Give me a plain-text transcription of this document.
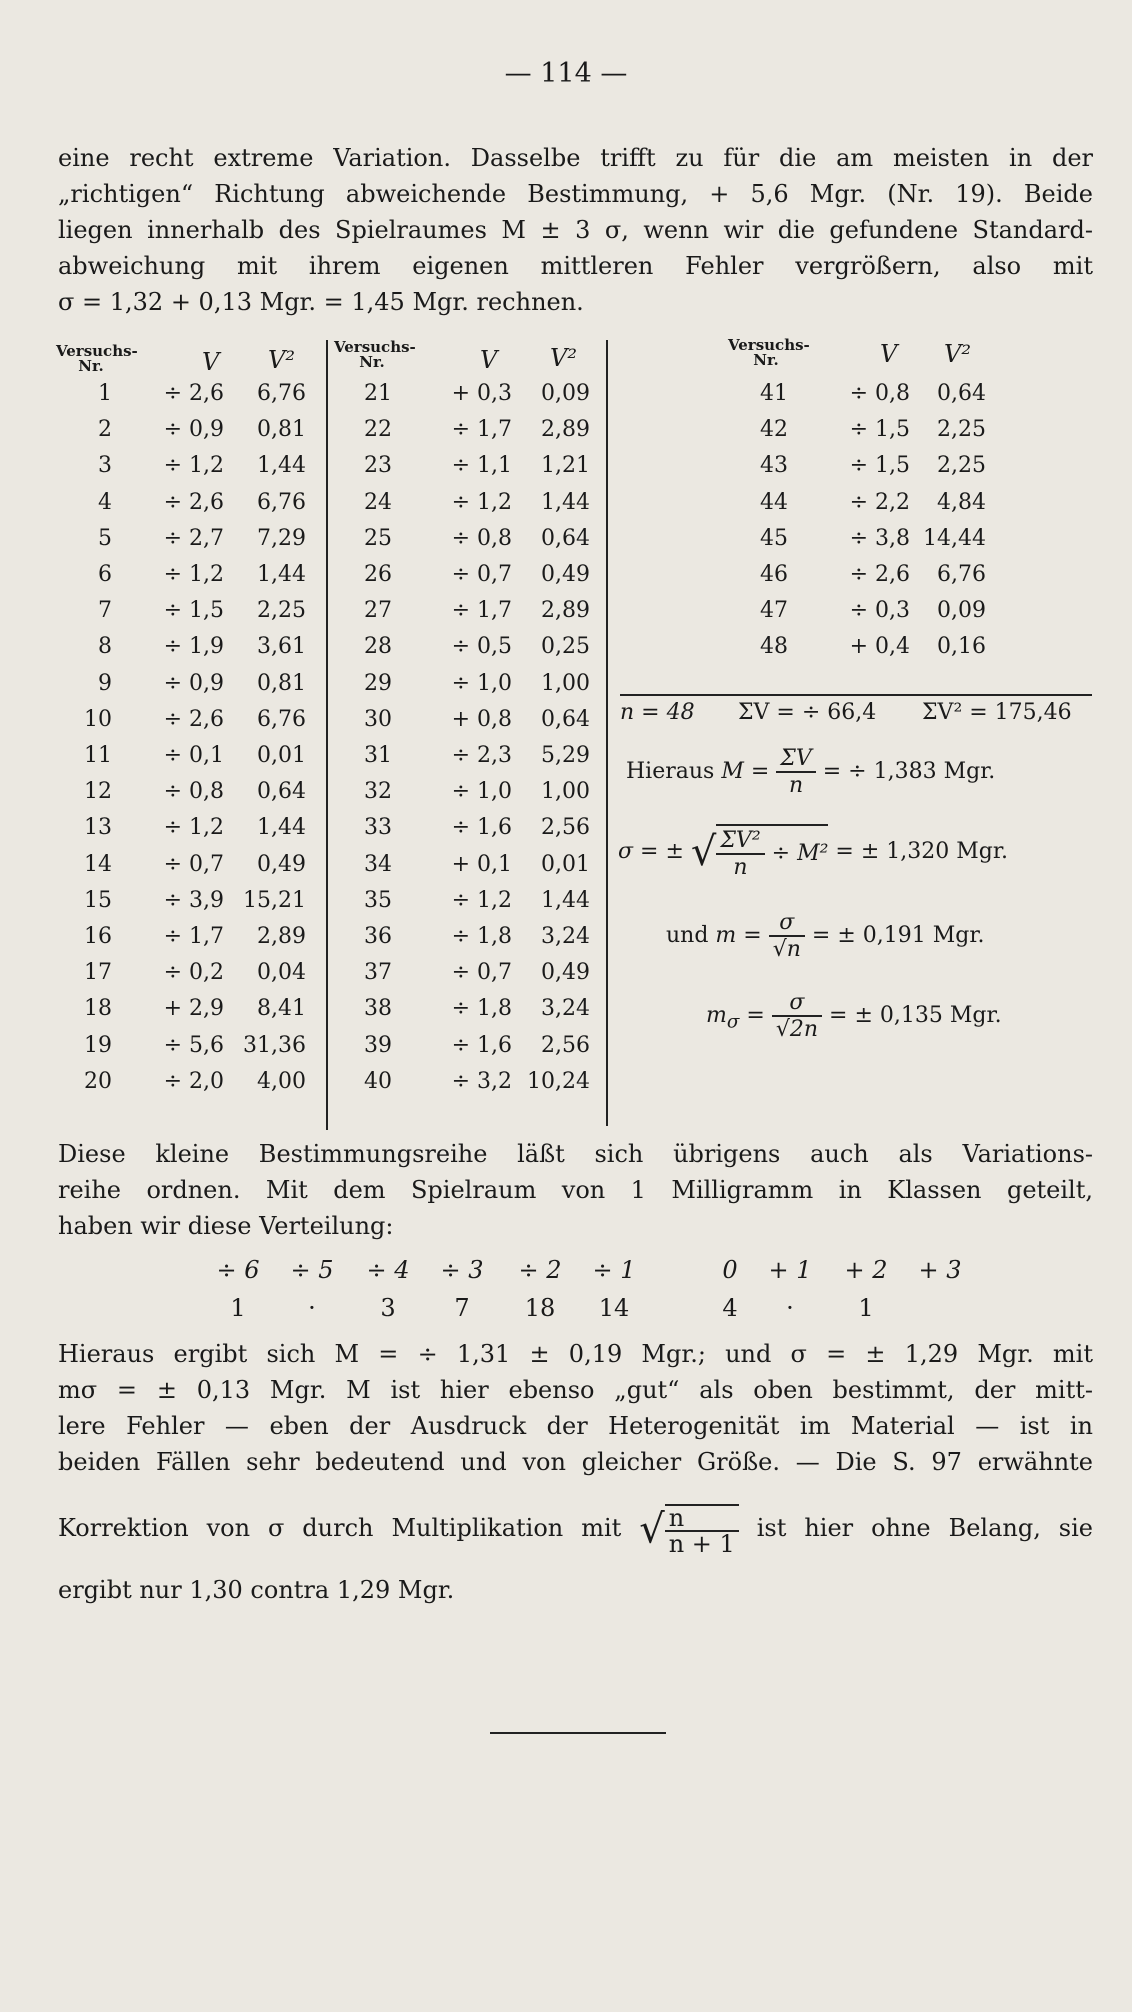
— 114 —
eine recht extreme Variation. Dasselbe trifft zu für die am meisten in der
„richtigen“ Richtung abweichende Bestimmung, + 5,6 Mgr. (Nr. 19). Beide
liegen innerhalb des Spielraumes M ± 3 σ, wenn wir die gefundene Standard-
abweichung mit ihrem eigenen mittleren Fehler vergrößern, also mit
σ = 1,32 + 0,13 Mgr. = 1,45 Mgr. rechnen.
Versuchs-
Nr.	V V²	Versuchs-
Nr.	V V²	Versuchs-
Nr.	V V²
1	÷ 2,6	6,76
2	÷ 0,9	0,81
3	÷ 1,2	1,44
4	÷ 2,6	6,76
5	÷ 2,7	7,29
6	÷ 1,2	1,44
7	÷ 1,5	2,25
8	÷ 1,9	3,61
9	÷ 0,9	0,81
10	÷ 2,6	6,76
11	÷ 0,1	0,01
12	÷ 0,8	0,64
13	÷ 1,2	1,44
14	÷ 0,7	0,49
15	÷ 3,9 15,21
16	÷ 1,7	2,89
17	÷ 0,2	0,04
18	+ 2,9	8,41
19	÷ 5,6 31,36
20	÷ 2,0	4,00
21	+ 0,3	0,09
22	÷ 1,7	2,89
23	÷ 1,1	1,21
24	÷ 1,2	1,44
25	÷ 0,8	0,64
26	÷ 0,7	0,49
27	÷ 1,7	2,89
28	÷ 0,5	0,25
29	÷ 1,0	1,00
30	+ 0,8	0,64
31	÷ 2,3	5,29
32	÷ 1,0	1,00
33	÷ 1,6	2,56
34	+ 0,1	0,01
35	÷ 1,2	1,44
36	÷ 1,8	3,24
37	÷ 0,7	0,49
38	÷ 1,8	3,24
39	÷ 1,6	2,56
40	÷ 3,2 10,24
41	÷ 0,8	0,64
42	÷ 1,5	2,25
43	÷ 1,5	2,25
44	÷ 2,2	4,84
45	÷ 3,8 14,44
46	÷ 2,6	6,76
47	÷ 0,3	0,09
48	+ 0,4	0,16
n = 48 ΣV = ÷ 66,4 ΣV² = 175,46
Hieraus $M = \frac{\Sigma V}{n}$ = ÷ 1,383 Mgr.
σ = ± √ $\frac{\text{ΣV²}}{n} \div M^2$ = ± 1,320 Mgr.
und $m = \frac{\sigma}{√n}$ = ± 0,191 Mgr.
$m_\sigma = \frac{\sigma}{√2n}$ = ± 0,135 Mgr.
Diese kleine Bestimmungsreihe läßt sich übrigens auch als Variations-
reihe ordnen. Mit dem Spielraum von 1 Milligramm in Klassen geteilt,
haben wir diese Verteilung:
÷ 6	÷ 5	÷ 4	÷ 3	÷ 2	÷ 1	0	+ 1	+ 2	+ 3
1	·	3	7	18	14	4	·	1
Hieraus ergibt sich M = ÷ 1,31 ± 0,19 Mgr.; und σ = ± 1,29 Mgr. mit
mσ = ± 0,13 Mgr. M ist hier ebenso „gut“ als oben bestimmt, der mitt-
lere Fehler — eben der Ausdruck der Heterogenität im Material — ist in
beiden Fällen sehr bedeutend und von gleicher Größe. — Die S. 97 erwähnte
Korrektion von σ durch Multiplikation mit √ $\frac{n}{n + 1}$ ist hier ohne Belang, sie
ergibt nur 1,30 contra 1,29 Mgr.
